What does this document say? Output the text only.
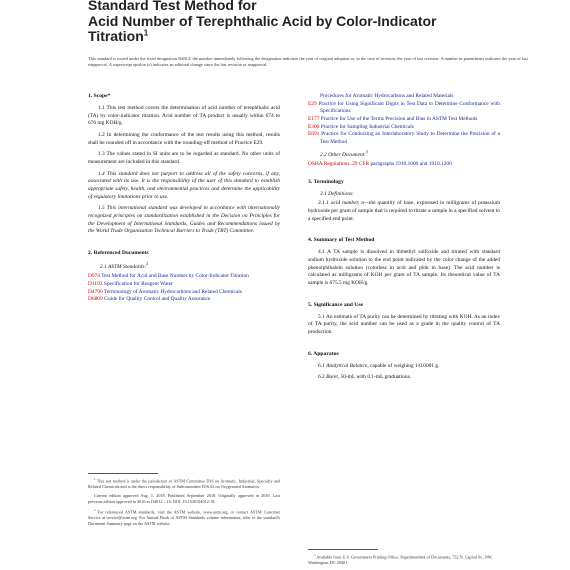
Standard Test Method for
Acid Number of Terephthalic Acid by Color-Indicator
Titration$^1$
This standard is issued under the fixed designation D4012; the number immediately following the designation indicates the year of original adoption or, in the case of revision, the year of last revision. A number in parentheses indicates the year of last reapproval. A superscript epsilon (ε) indicates an editorial change since the last revision or reapproval.
1. Scope*

1.1 This test method covers the determination of acid number of terephthalic acid (TA) by color-indicator titration. Acid number of TA product is usually within 674 to 676 mg KOH/g.

1.2 In determining the conformance of the test results using this method, results shall be rounded off in accordance with the rounding-off method of Practice E29.

1.3 The values stated in SI units are to be regarded as standard. No other units of measurement are included in this standard.

1.4 This standard does not purport to address all of the safety concerns, if any, associated with its use. It is the responsibility of the user of this standard to establish appropriate safety, health, and environmental practices and determine the applicability of regulatory limitations prior to use.

1.5 This international standard was developed in accordance with internationally recognized principles on standardization established in the Decision on Principles for the Development of International Standards, Guides and Recommendations issued by the World Trade Organization Technical Barriers to Trade (TBT) Committee.

2. Referenced Documents

2.1 ASTM Standards:$^2$

D974 Test Method for Acid and Base Number by Color-Indicator Titration

D1193 Specification for Reagent Water

D4790 Terminology of Aromatic Hydrocarbons and Related Chemicals

D6809 Guide for Quality Control and Quality Assurance

$^1$ This test method is under the jurisdiction of ASTM Committee D16 on Aromatic, Industrial, Specialty and Related Chemicals and is the direct responsibility of Subcommittee D16.02 on Oxygenated Aromatics.

Current edition approved Aug. 1, 2018. Published September 2018. Originally approved in 2010. Last previous edition approved in 2016 as D4012 – 16. DOI: 10.1520/D4012-18.

$^2$ For referenced ASTM standards, visit the ASTM website, www.astm.org, or contact ASTM Customer Service at service@astm.org. For Annual Book of ASTM Standards volume information, refer to the standard's Document Summary page on the ASTM website.

Procedures for Aromatic Hydrocarbons and Related Materials

E29 Practice for Using Significant Digits in Test Data to Determine Conformance with Specifications

E177 Practice for Use of the Terms Precision and Bias in ASTM Test Methods

E300 Practice for Sampling Industrial Chemicals

E691 Practice for Conducting an Interlaboratory Study to Determine the Precision of a Test Method

2.2 Other Document:$^3$

OSHA Regulations, 29 CFR paragraphs 1910.1000 and 1910.1200

3. Terminology

3.1 Definitions:

3.1.1 acid number, n—the quantity of base, expressed in milligrams of potassium hydroxide per gram of sample that is required to titrate a sample in a specified solvent to a specified end point.

4. Summary of Test Method

4.1 A TA sample is dissolved in dimethyl sulfoxide and titrated with standard sodium hydroxide solution to the end point indicated by the color change of the added phenolphthalein solution (colorless in acid and pink in base). The acid number is calculated as milligrams of KOH per gram of TA sample. Its theoretical value of TA sample is 675.5 mg KOH/g.

5. Significance and Use

5.1 An estimate of TA purity can be determined by titrating with KOH. As an index of TA purity, the acid number can be used as a grade in the quality control of TA production.

6. Apparatus

6.1 Analytical Balance, capable of weighing 1/0.0001 g.

6.2 Buret, 50-mL with 0.1-mL graduations.

$^3$ Available from U.S. Government Printing Office, Superintendent of Documents, 732 N. Capitol St., NW, Washington, DC 20401.
